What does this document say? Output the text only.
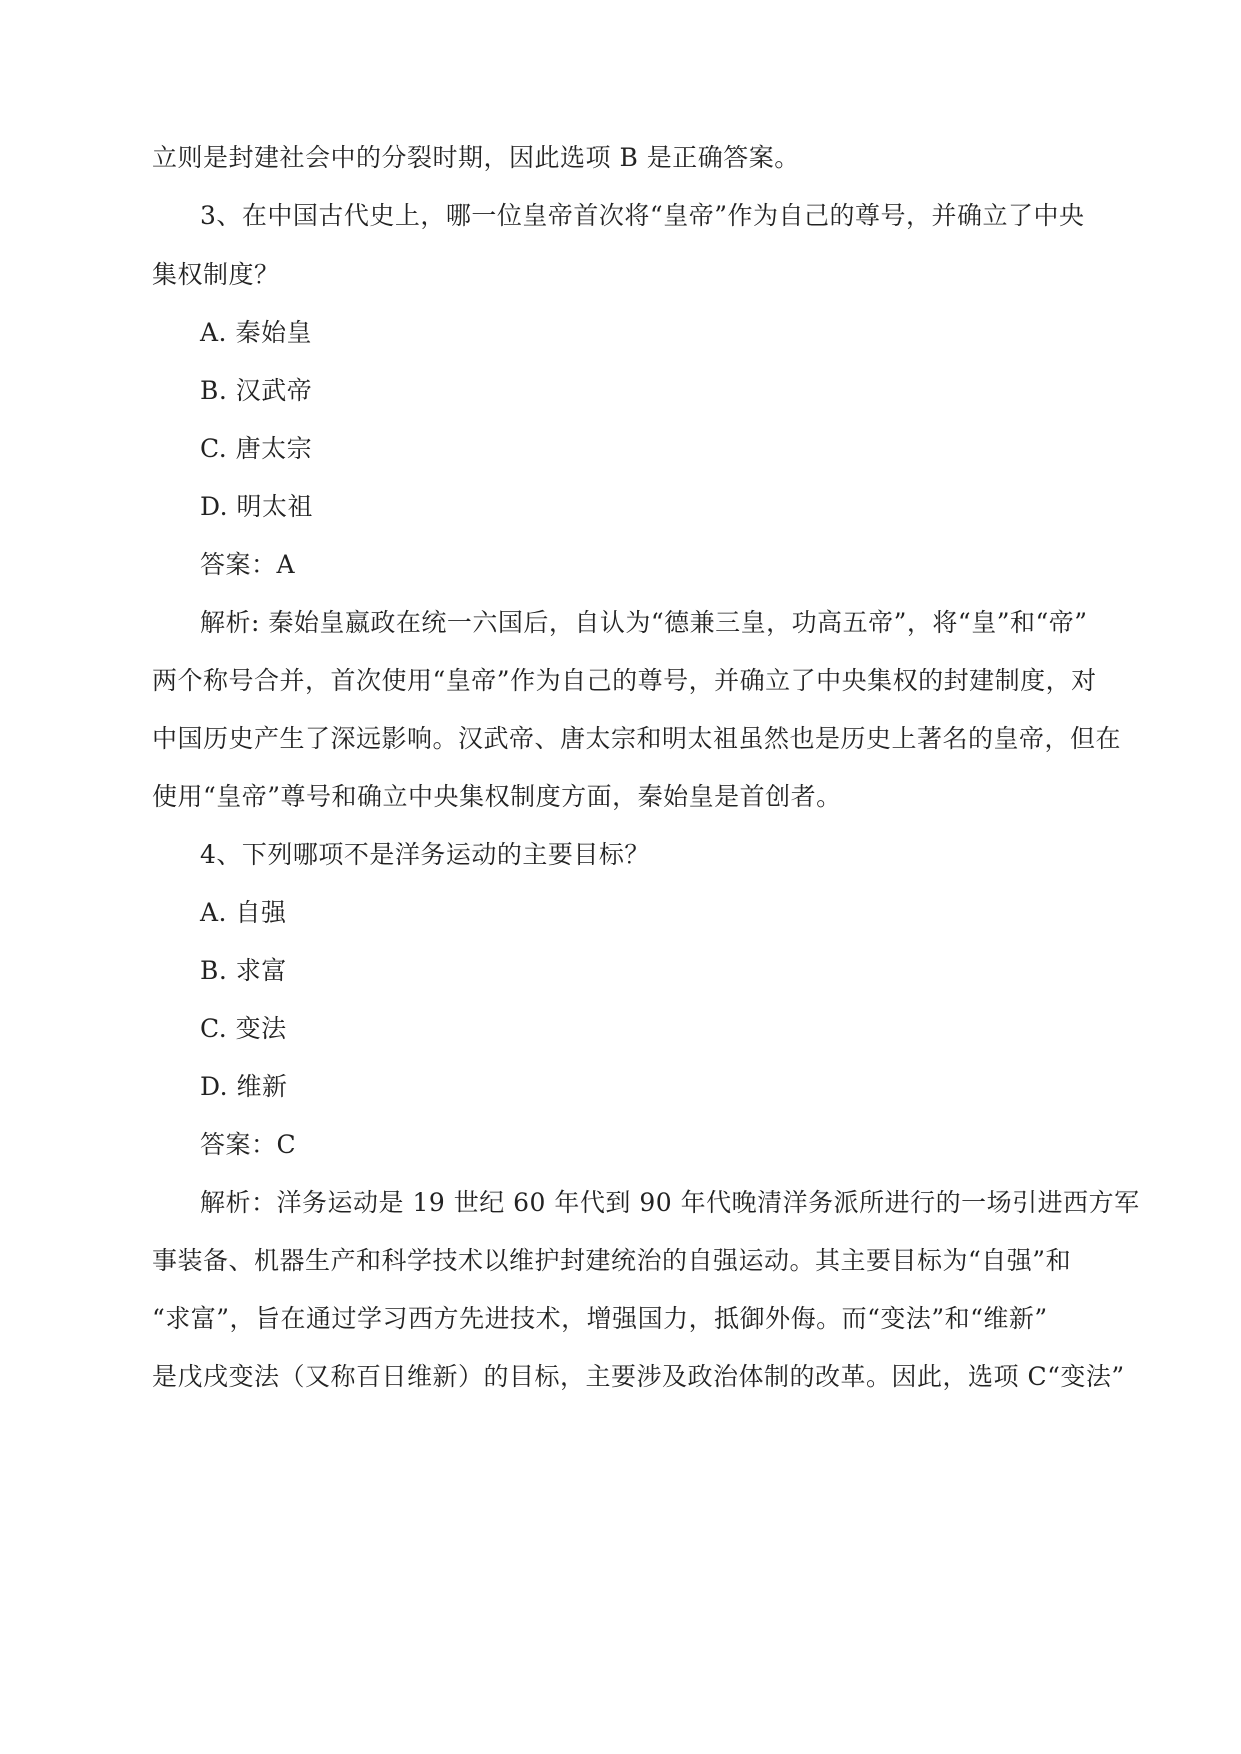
立则是封建社会中的分裂时期，因此选项 B 是正确答案。
3、在中国古代史上，哪一位皇帝首次将“皇帝”作为自己的尊号，并确立了中央
集权制度？
A. 秦始皇
B. 汉武帝
C. 唐太宗
D. 明太祖
答案：A
解析: 秦始皇嬴政在统一六国后，自认为“德兼三皇，功高五帝”，将“皇”和“帝”
两个称号合并，首次使用“皇帝”作为自己的尊号，并确立了中央集权的封建制度，对
中国历史产生了深远影响。汉武帝、唐太宗和明太祖虽然也是历史上著名的皇帝，但在
使用“皇帝”尊号和确立中央集权制度方面，秦始皇是首创者。
4、下列哪项不是洋务运动的主要目标？
A. 自强
B. 求富
C. 变法
D. 维新
答案：C
解析：洋务运动是 19 世纪 60 年代到 90 年代晚清洋务派所进行的一场引进西方军
事装备、机器生产和科学技术以维护封建统治的自强运动。其主要目标为“自强”和
“求富”，旨在通过学习西方先进技术，增强国力，抵御外侮。而“变法”和“维新”
是戊戌变法（又称百日维新）的目标，主要涉及政治体制的改革。因此，选项 C“变法”
